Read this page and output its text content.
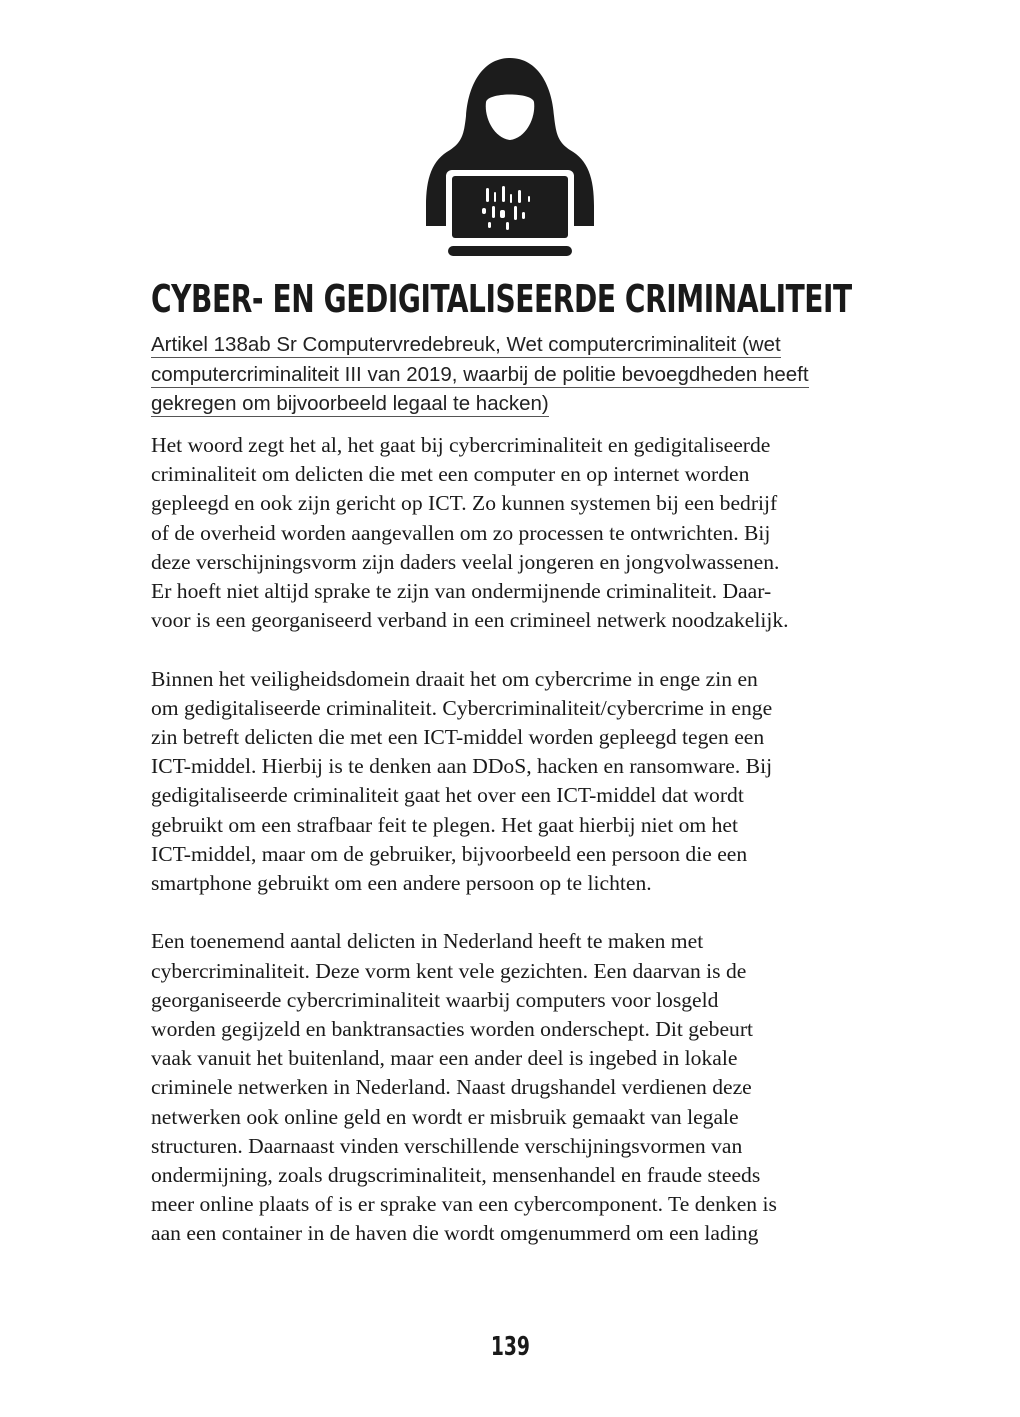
CYBER- EN GEDIGITALISEERDE CRIMINALITEIT
Artikel 138ab Sr Computervredebreuk, Wet computercriminaliteit (wet
computercriminaliteit III van 2019, waarbij de politie bevoegdheden heeft
gekregen om bijvoorbeeld legaal te hacken)

Het woord zegt het al, het gaat bij cybercriminaliteit en gedigitaliseerde
criminaliteit om delicten die met een computer en op internet worden
gepleegd en ook zijn gericht op ICT. Zo kunnen systemen bij een bedrijf
of de overheid worden aangevallen om zo processen te ontwrichten. Bij
deze verschijningsvorm zijn daders veelal jongeren en jongvolwassenen.
Er hoeft niet altijd sprake te zijn van ondermijnende criminaliteit. Daar-
voor is een georganiseerd verband in een crimineel netwerk noodzakelijk.

Binnen het veiligheidsdomein draait het om cybercrime in enge zin en
om gedigitaliseerde criminaliteit. Cybercriminaliteit/cybercrime in enge
zin betreft delicten die met een ICT-middel worden gepleegd tegen een
ICT-middel. Hierbij is te denken aan DDoS, hacken en ransomware. Bij
gedigitaliseerde criminaliteit gaat het over een ICT-middel dat wordt
gebruikt om een strafbaar feit te plegen. Het gaat hierbij niet om het
ICT-middel, maar om de gebruiker, bijvoorbeeld een persoon die een
smartphone gebruikt om een andere persoon op te lichten.

Een toenemend aantal delicten in Nederland heeft te maken met
cybercriminaliteit. Deze vorm kent vele gezichten. Een daarvan is de
georganiseerde cybercriminaliteit waarbij computers voor losgeld
worden gegijzeld en banktransacties worden onderschept. Dit gebeurt
vaak vanuit het buitenland, maar een ander deel is ingebed in lokale
criminele netwerken in Nederland. Naast drugshandel verdienen deze
netwerken ook online geld en wordt er misbruik gemaakt van legale
structuren. Daarnaast vinden verschillende verschijningsvormen van
ondermijning, zoals drugscriminaliteit, mensenhandel en fraude steeds
meer online plaats of is er sprake van een cybercomponent. Te denken is
aan een container in de haven die wordt omgenummerd om een lading

139
